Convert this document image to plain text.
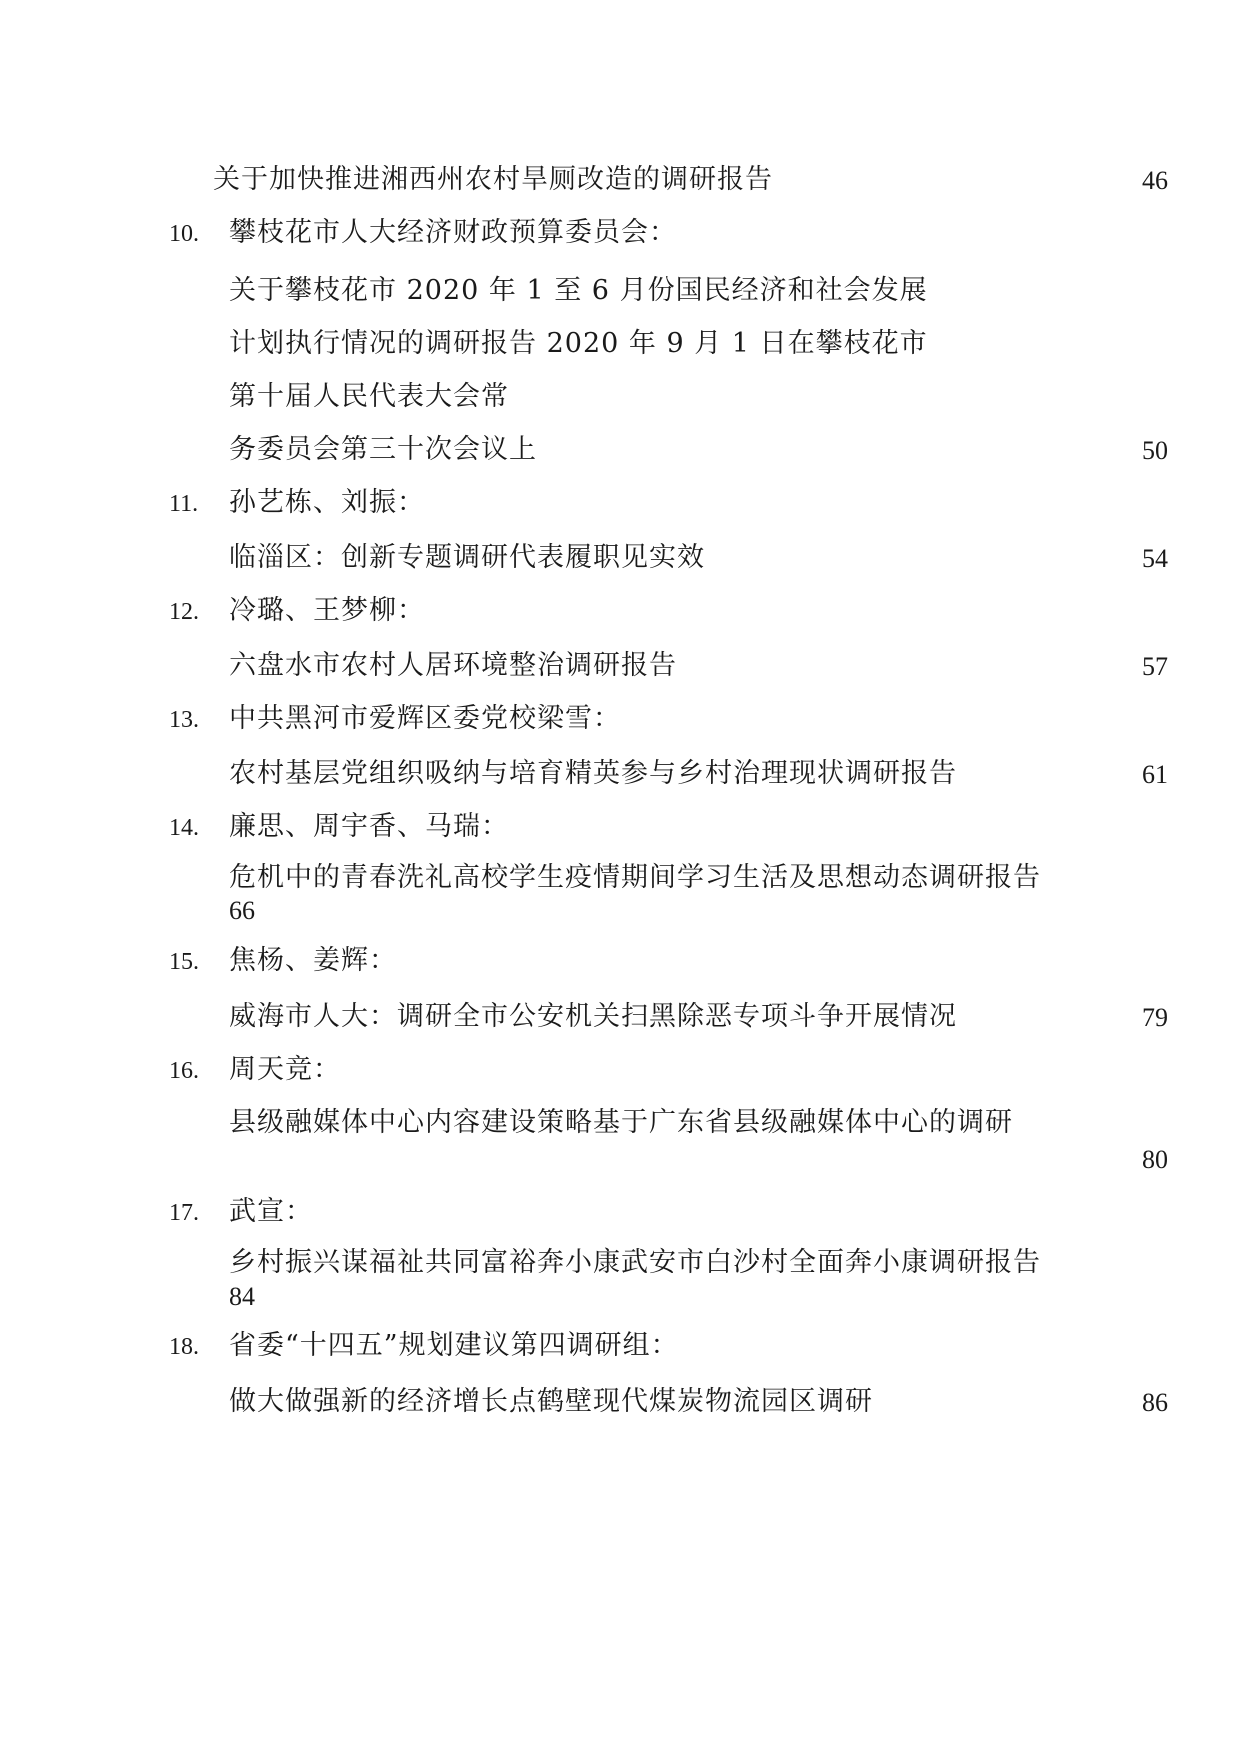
关于加快推进湘西州农村旱厕改造的调研报告	46
10. 攀枝花市人大经济财政预算委员会：
关于攀枝花市 2020 年 1 至 6 月份国民经济和社会发展
计划执行情况的调研报告 2020 年 9 月 1 日在攀枝花市
第十届人民代表大会常
务委员会第三十次会议上	50
11. 孙艺栋、刘振：
临淄区：创新专题调研代表履职见实效	54
12. 冷璐、王梦柳：
六盘水市农村人居环境整治调研报告	57
13. 中共黑河市爱辉区委党校梁雪：
农村基层党组织吸纳与培育精英参与乡村治理现状调研报告	61
14. 廉思、周宇香、马瑞：
危机中的青春洗礼高校学生疫情期间学习生活及思想动态调研报告
66
15. 焦杨、姜辉：
威海市人大：调研全市公安机关扫黑除恶专项斗争开展情况	79
16. 周天竞：
县级融媒体中心内容建设策略基于广东省县级融媒体中心的调研
80
17. 武宣：
乡村振兴谋福祉共同富裕奔小康武安市白沙村全面奔小康调研报告
84
18. 省委“十四五”规划建议第四调研组：
做大做强新的经济增长点鹤壁现代煤炭物流园区调研	86
